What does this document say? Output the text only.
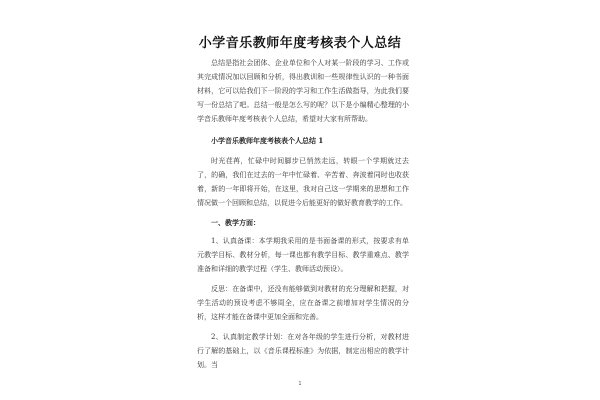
小学音乐教师年度考核表个人总结

总结是指社会团体、企业单位和个人对某一阶段的学习、工作或其完成情况加以回顾和分析，得出教训和一些规律性认识的一种书面材料，它可以给我们下一阶段的学习和工作生活做指导，为此我们要写一份总结了吧。总结一般是怎么写的呢？以下是小编精心整理的小学音乐教师年度考核表个人总结，希望对大家有所帮助。

小学音乐教师年度考核表个人总结 1

时光荏苒，忙碌中时间脚步已悄然走远，转眼一个学期就过去了，的确，我们在过去的一年中忙碌着、辛苦着、奔波着同时也收获着，新的一年即将开始，在这里，我对自己这一学期来的思想和工作情况做一个回顾和总结，以促进今后能更好的做好教育教学的工作。

一、教学方面：

1、认真备课：本学期我采用的是书面备课的形式，按要求有单元教学目标、教材分析，每一课也都有教学目标、教学重难点、教学准备和详细的教学过程（学生、教师活动预设）。

反思：在备课中，还没有能够做到对教材的充分理解和把握，对学生活动的预设考虑不够周全，应在备课之前增加对学生情况的分析，这样才能在备课中更加全面和完善。

2、认真制定教学计划：在对各年级的学生进行分析，对教材进行了解的基础上，以《音乐课程标准》为依据，制定出相应的教学计划。当

1
